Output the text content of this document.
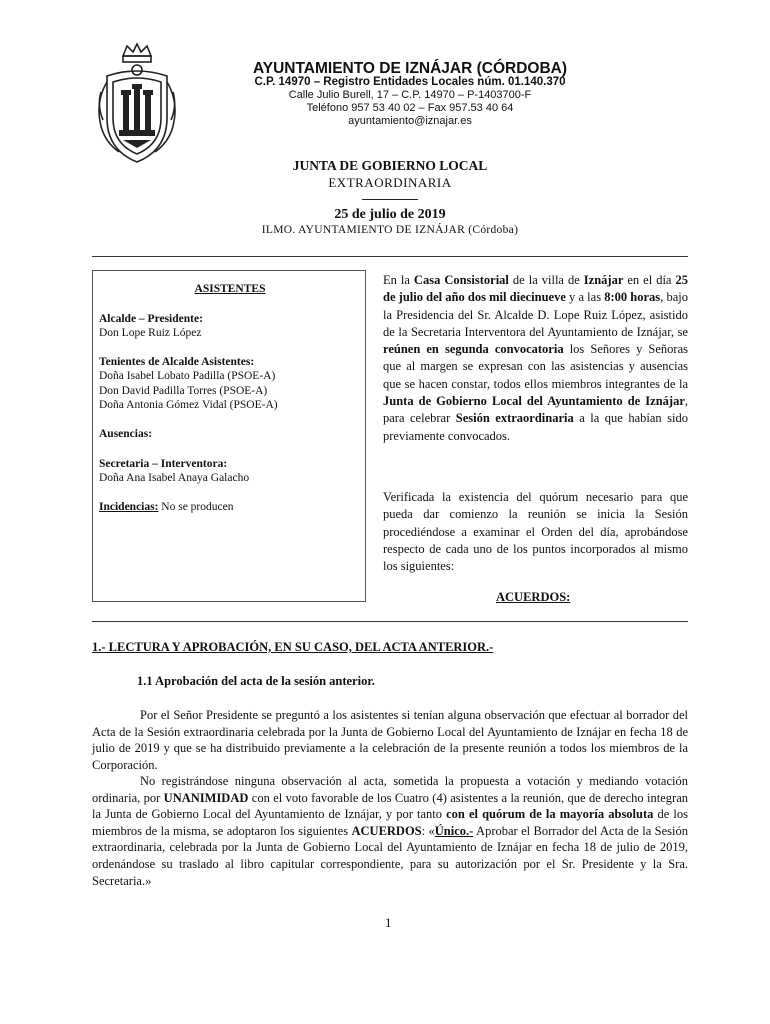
AYUNTAMIENTO DE IZNÁJAR (CÓRDOBA)
C.P. 14970 – Registro Entidades Locales núm. 01.140.370
Calle Julio Burell, 17 – C.P. 14970 – P-1403700-F
Teléfono 957 53 40 02 – Fax 957.53 40 64
ayuntamiento@iznajar.es
JUNTA DE GOBIERNO LOCAL
EXTRAORDINARIA
25 de julio de 2019
ILMO. AYUNTAMIENTO DE IZNÁJAR (Córdoba)
ASISTENTES
Alcalde – Presidente:
Don Lope Ruiz López
Tenientes de Alcalde Asistentes:
Doña Isabel Lobato Padilla (PSOE-A)
Don David Padilla Torres (PSOE-A)
Doña Antonia Gómez Vidal (PSOE-A)
Ausencias:
Secretaria – Interventora:
Doña Ana Isabel Anaya Galacho
Incidencias: No se producen
En la Casa Consistorial de la villa de Iznájar en el día 25 de julio del año dos mil diecinueve y a las 8:00 horas, bajo la Presidencia del Sr. Alcalde D. Lope Ruiz López, asistido de la Secretaria Interventora del Ayuntamiento de Iznájar, se reúnen en segunda convocatoria los Señores y Señoras que al margen se expresan con las asistencias y ausencias que se hacen constar, todos ellos miembros integrantes de la Junta de Gobierno Local del Ayuntamiento de Iznájar, para celebrar Sesión extraordinaria a la que habían sido previamente convocados.
Verificada la existencia del quórum necesario para que pueda dar comienzo la reunión se inicia la Sesión procediéndose a examinar el Orden del día, aprobándose respecto de cada uno de los puntos incorporados al mismo los siguientes:
ACUERDOS:
1.- LECTURA Y APROBACIÓN, EN SU CASO, DEL ACTA ANTERIOR.-
1.1 Aprobación del acta de la sesión anterior.
Por el Señor Presidente se preguntó a los asistentes si tenían alguna observación que efectuar al borrador del Acta de la Sesión extraordinaria celebrada por la Junta de Gobierno Local del Ayuntamiento de Iznájar en fecha 18 de julio de 2019 y que se ha distribuido previamente a la celebración de la presente reunión a todos los miembros de la Corporación.
No registrándose ninguna observación al acta, sometida la propuesta a votación y mediando votación ordinaria, por UNANIMIDAD con el voto favorable de los Cuatro (4) asistentes a la reunión, que de derecho integran la Junta de Gobierno Local del Ayuntamiento de Iznájar, y por tanto con el quórum de la mayoría absoluta de los miembros de la misma, se adoptaron los siguientes ACUERDOS: «Único.- Aprobar el Borrador del Acta de la Sesión extraordinaria, celebrada por la Junta de Gobierno Local del Ayuntamiento de Iznájar en fecha 18 de julio de 2019, ordenándose su traslado al libro capitular correspondiente, para su autorización por el Sr. Presidente y la Sra. Secretaria.»
1
